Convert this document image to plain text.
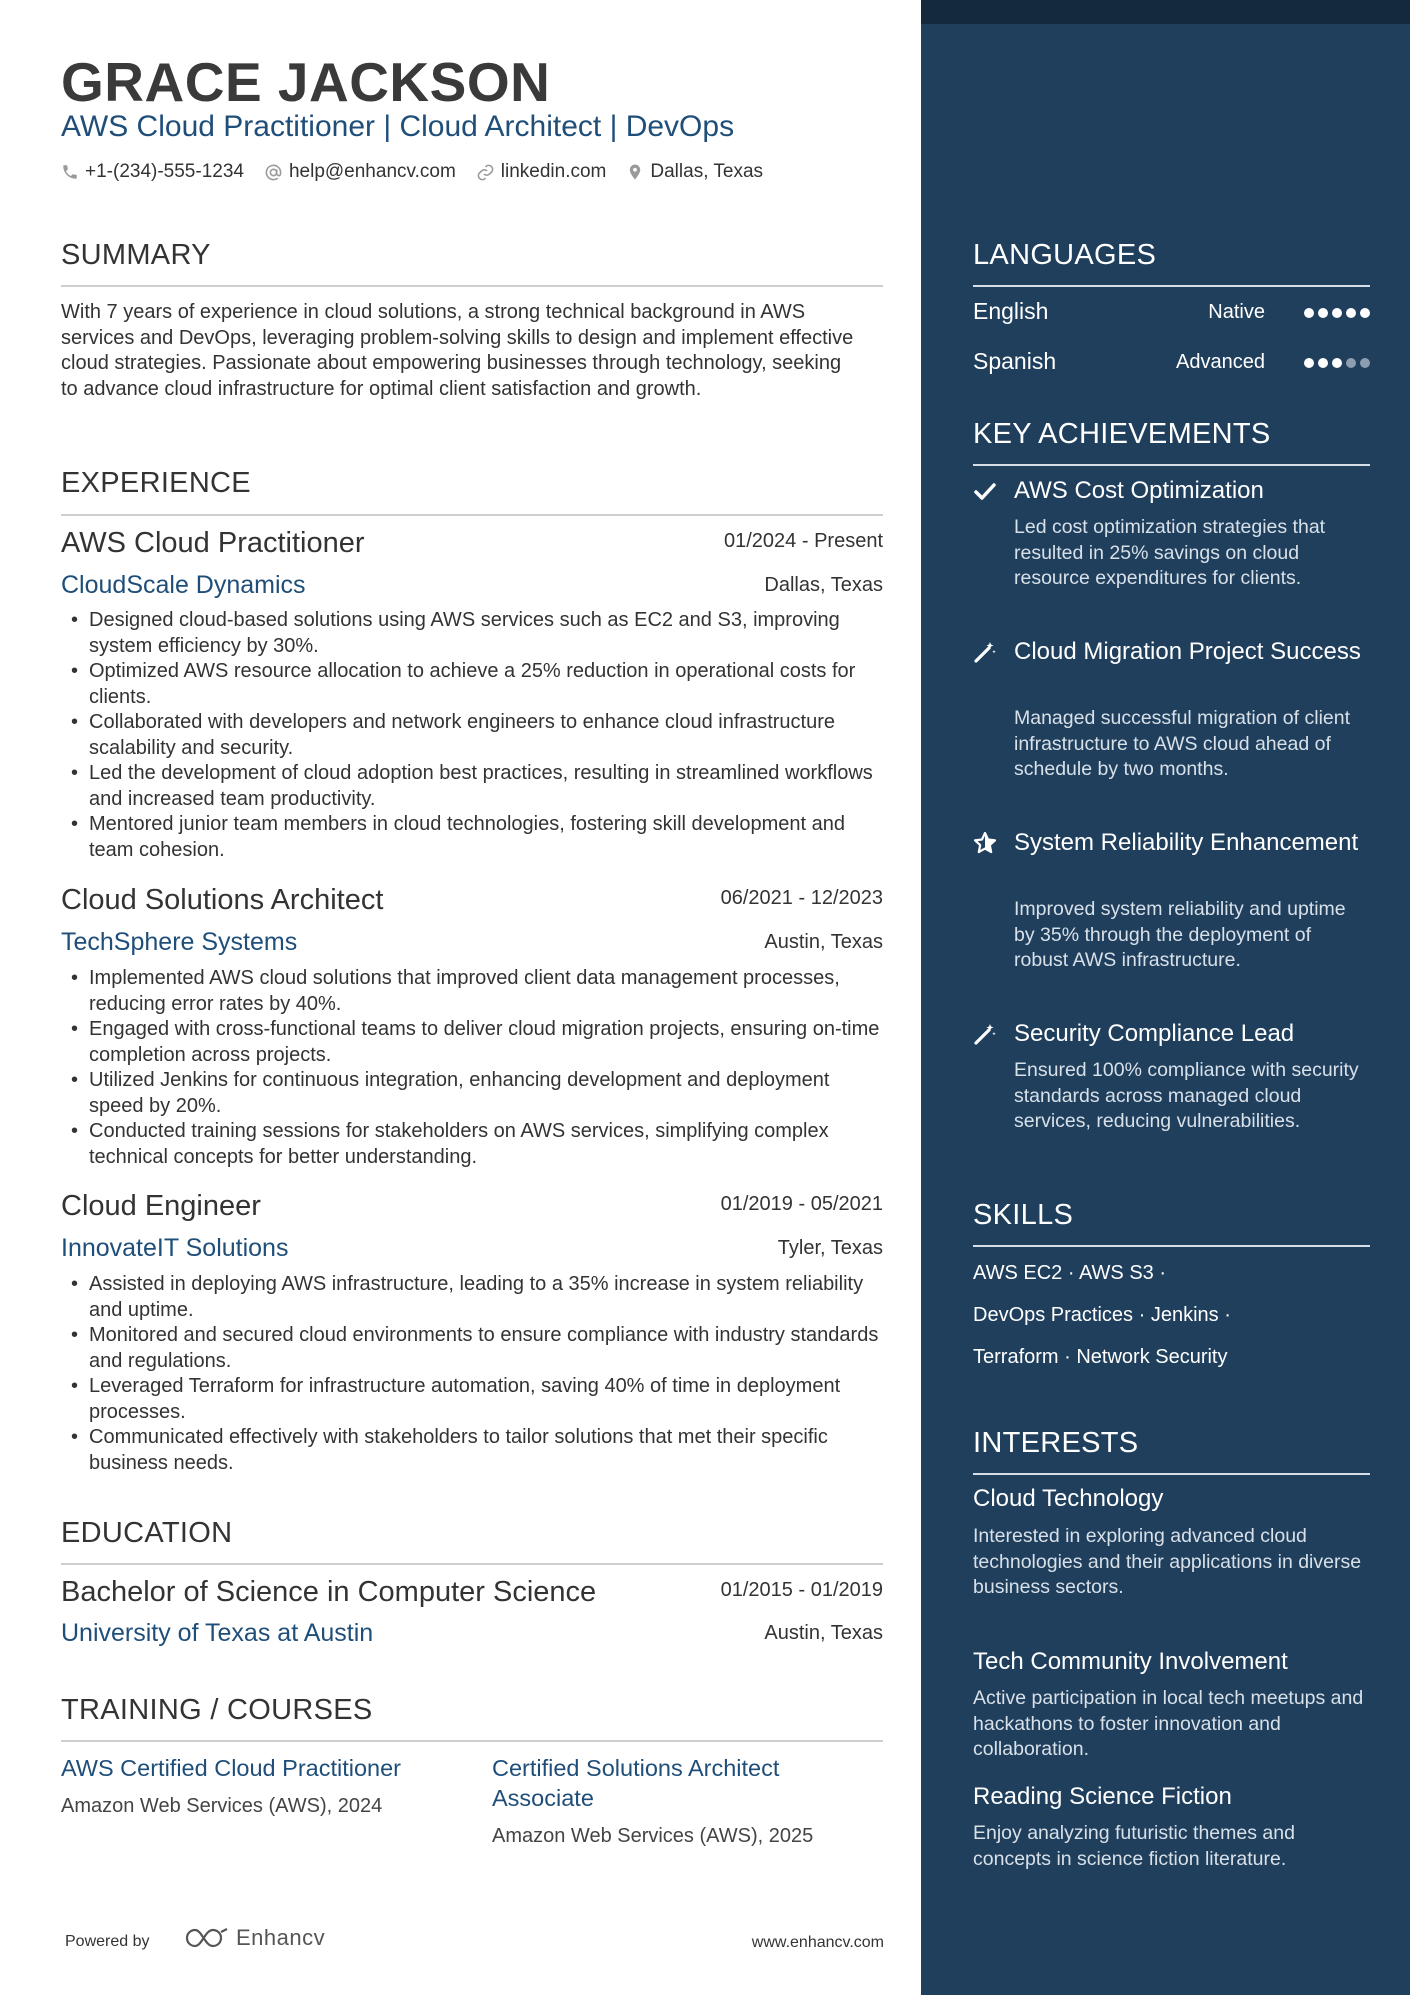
GRACE JACKSON
AWS Cloud Practitioner | Cloud Architect | DevOps
+1-(234)-555-1234 help@enhancv.com linkedin.com Dallas, Texas
SUMMARY
With 7 years of experience in cloud solutions, a strong technical background in AWS services and DevOps, leveraging problem-solving skills to design and implement effective cloud strategies. Passionate about empowering businesses through technology, seeking to advance cloud infrastructure for optimal client satisfaction and growth.
EXPERIENCE
AWS Cloud Practitioner	01/2024 - Present
CloudScale Dynamics	Dallas, Texas
• Designed cloud-based solutions using AWS services such as EC2 and S3, improving system efficiency by 30%.
• Optimized AWS resource allocation to achieve a 25% reduction in operational costs for clients.
• Collaborated with developers and network engineers to enhance cloud infrastructure scalability and security.
• Led the development of cloud adoption best practices, resulting in streamlined workflows and increased team productivity.
• Mentored junior team members in cloud technologies, fostering skill development and team cohesion.
Cloud Solutions Architect	06/2021 - 12/2023
TechSphere Systems	Austin, Texas
• Implemented AWS cloud solutions that improved client data management processes, reducing error rates by 40%.
• Engaged with cross-functional teams to deliver cloud migration projects, ensuring on-time completion across projects.
• Utilized Jenkins for continuous integration, enhancing development and deployment speed by 20%.
• Conducted training sessions for stakeholders on AWS services, simplifying complex technical concepts for better understanding.
Cloud Engineer	01/2019 - 05/2021
InnovateIT Solutions	Tyler, Texas
• Assisted in deploying AWS infrastructure, leading to a 35% increase in system reliability and uptime.
• Monitored and secured cloud environments to ensure compliance with industry standards and regulations.
• Leveraged Terraform for infrastructure automation, saving 40% of time in deployment processes.
• Communicated effectively with stakeholders to tailor solutions that met their specific business needs.
EDUCATION
Bachelor of Science in Computer Science	01/2015 - 01/2019
University of Texas at Austin	Austin, Texas
TRAINING / COURSES
AWS Certified Cloud Practitioner
Amazon Web Services (AWS), 2024
Certified Solutions Architect Associate
Amazon Web Services (AWS), 2025
Powered by	Enhancv	www.enhancv.com
LANGUAGES
English	Native
Spanish	Advanced
KEY ACHIEVEMENTS
AWS Cost Optimization
Led cost optimization strategies that resulted in 25% savings on cloud resource expenditures for clients.
Cloud Migration Project Success
Managed successful migration of client infrastructure to AWS cloud ahead of schedule by two months.
System Reliability Enhancement
Improved system reliability and uptime by 35% through the deployment of robust AWS infrastructure.
Security Compliance Lead
Ensured 100% compliance with security standards across managed cloud services, reducing vulnerabilities.
SKILLS
AWS EC2 · AWS S3 ·
DevOps Practices · Jenkins ·
Terraform · Network Security
INTERESTS
Cloud Technology
Interested in exploring advanced cloud technologies and their applications in diverse business sectors.
Tech Community Involvement
Active participation in local tech meetups and hackathons to foster innovation and collaboration.
Reading Science Fiction
Enjoy analyzing futuristic themes and concepts in science fiction literature.
